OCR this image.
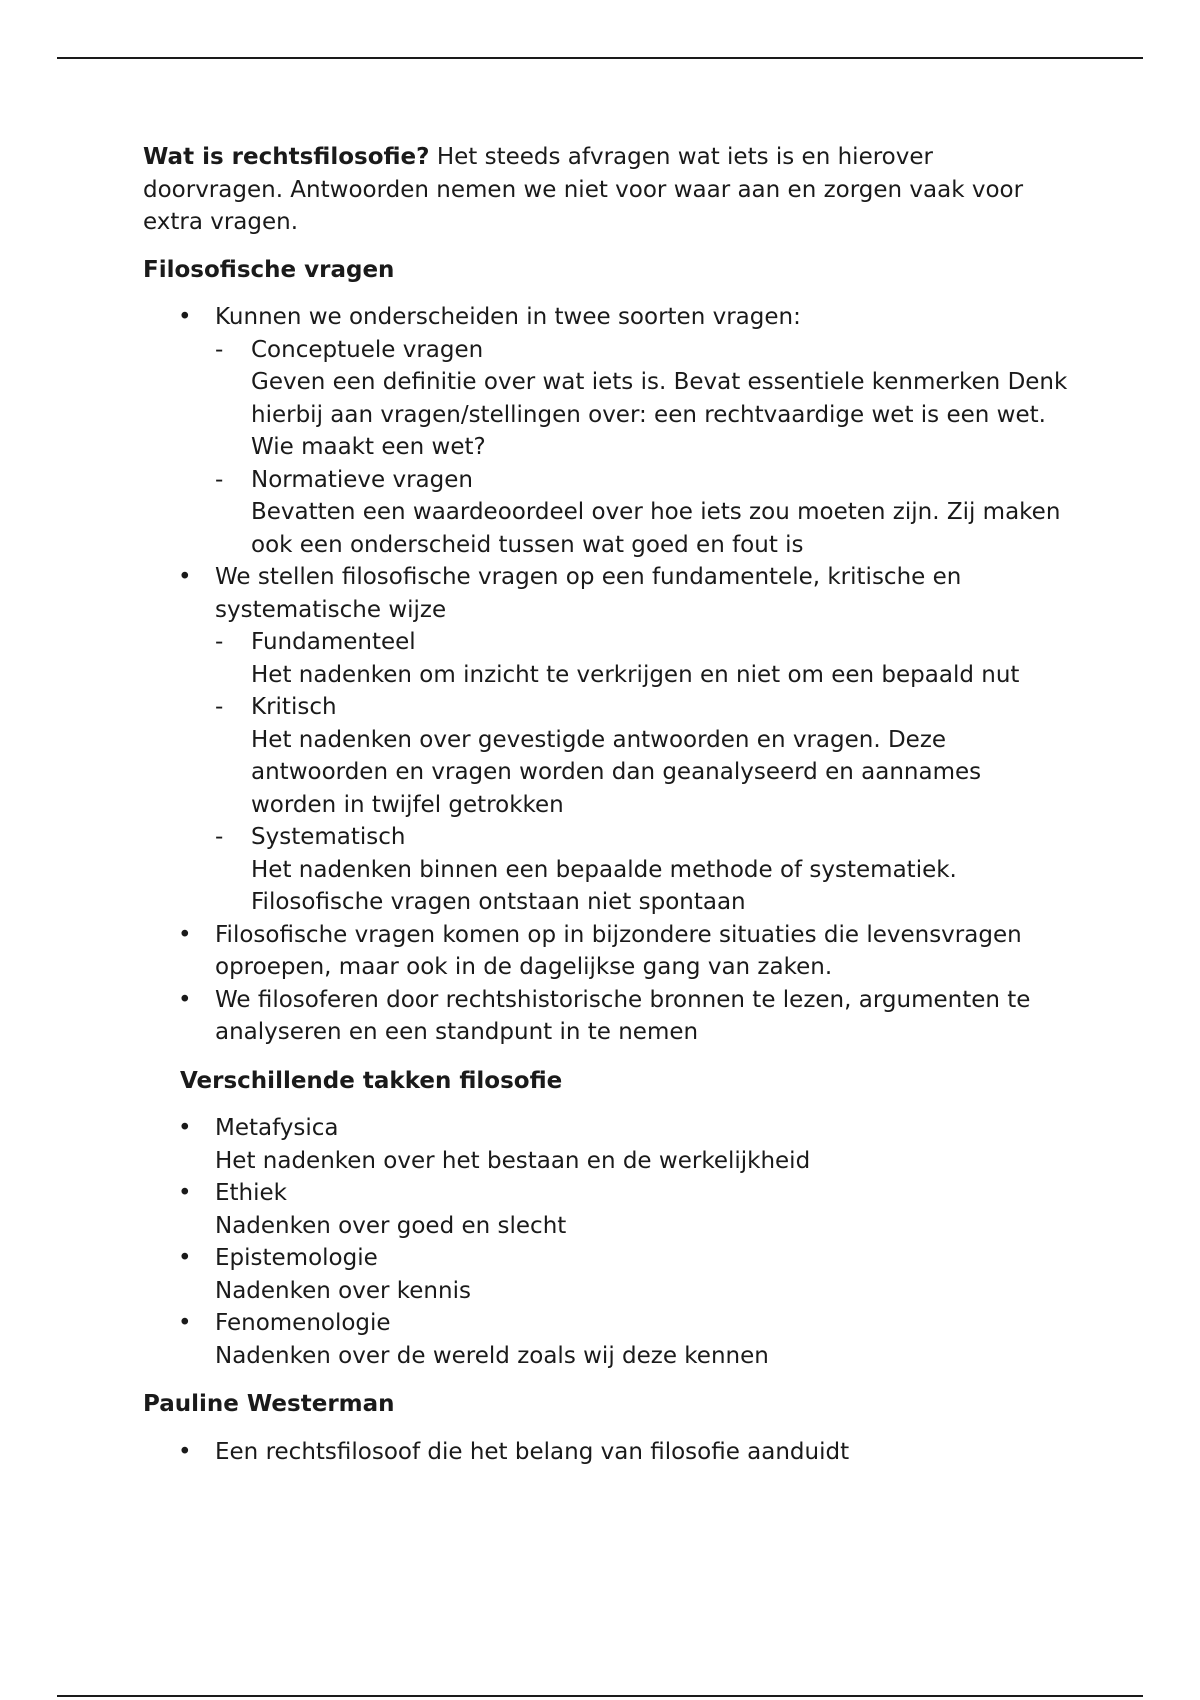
Wat is rechtsfilosofie? Het steeds afvragen wat iets is en hierover doorvragen. Antwoorden nemen we niet voor waar aan en zorgen vaak voor extra vragen.

Filosofische vragen
• Kunnen we onderscheiden in twee soorten vragen:
- Conceptuele vragen
Geven een definitie over wat iets is. Bevat essentiele kenmerken Denk hierbij aan vragen/stellingen over: een rechtvaardige wet is een wet. Wie maakt een wet?
- Normatieve vragen
Bevatten een waardeoordeel over hoe iets zou moeten zijn. Zij maken ook een onderscheid tussen wat goed en fout is
• We stellen filosofische vragen op een fundamentele, kritische en systematische wijze
- Fundamenteel
Het nadenken om inzicht te verkrijgen en niet om een bepaald nut
- Kritisch
Het nadenken over gevestigde antwoorden en vragen. Deze antwoorden en vragen worden dan geanalyseerd en aannames worden in twijfel getrokken
- Systematisch
Het nadenken binnen een bepaalde methode of systematiek. Filosofische vragen ontstaan niet spontaan
• Filosofische vragen komen op in bijzondere situaties die levensvragen oproepen, maar ook in de dagelijkse gang van zaken.
• We filosoferen door rechtshistorische bronnen te lezen, argumenten te analyseren en een standpunt in te nemen
Verschillende takken filosofie
• Metafysica
Het nadenken over het bestaan en de werkelijkheid
• Ethiek
Nadenken over goed en slecht
• Epistemologie
Nadenken over kennis
• Fenomenologie
Nadenken over de wereld zoals wij deze kennen
Pauline Westerman
• Een rechtsfilosoof die het belang van filosofie aanduidt
